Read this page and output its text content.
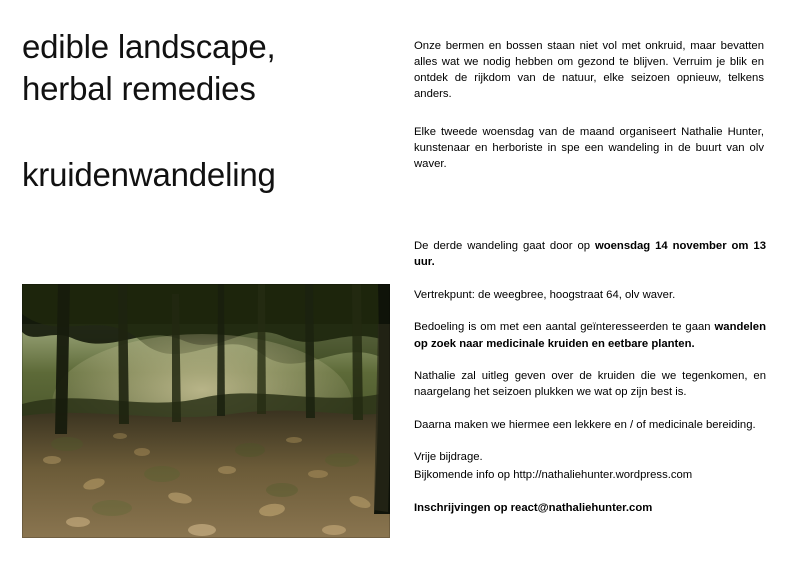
edible landscape,
herbal remedies
kruidenwandeling

Onze bermen en bossen staan niet vol met onkruid, maar bevatten alles wat we nodig hebben om gezond te blijven. Verruim je blik en ontdek de rijkdom van de natuur, elke seizoen opnieuw, telkens anders.

Elke tweede woensdag van de maand organiseert Nathalie Hunter, kunstenaar en herboriste in spe een wandeling in de buurt van olv waver.

De derde wandeling gaat door op woensdag 14 november om 13 uur.

Vertrekpunt: de weegbree, hoogstraat 64, olv waver.

Bedoeling is om met een aantal geïnteresseerden te gaan wandelen op zoek naar medicinale kruiden en eetbare planten.

Nathalie zal uitleg geven over de kruiden die we tegenkomen, en naargelang het seizoen plukken we wat op zijn best is.

Daarna maken we hiermee een lekkere en / of medicinale bereiding.

Vrije bijdrage.

Bijkomende info op http://nathaliehunter.wordpress.com

Inschrijvingen op react@nathaliehunter.com
